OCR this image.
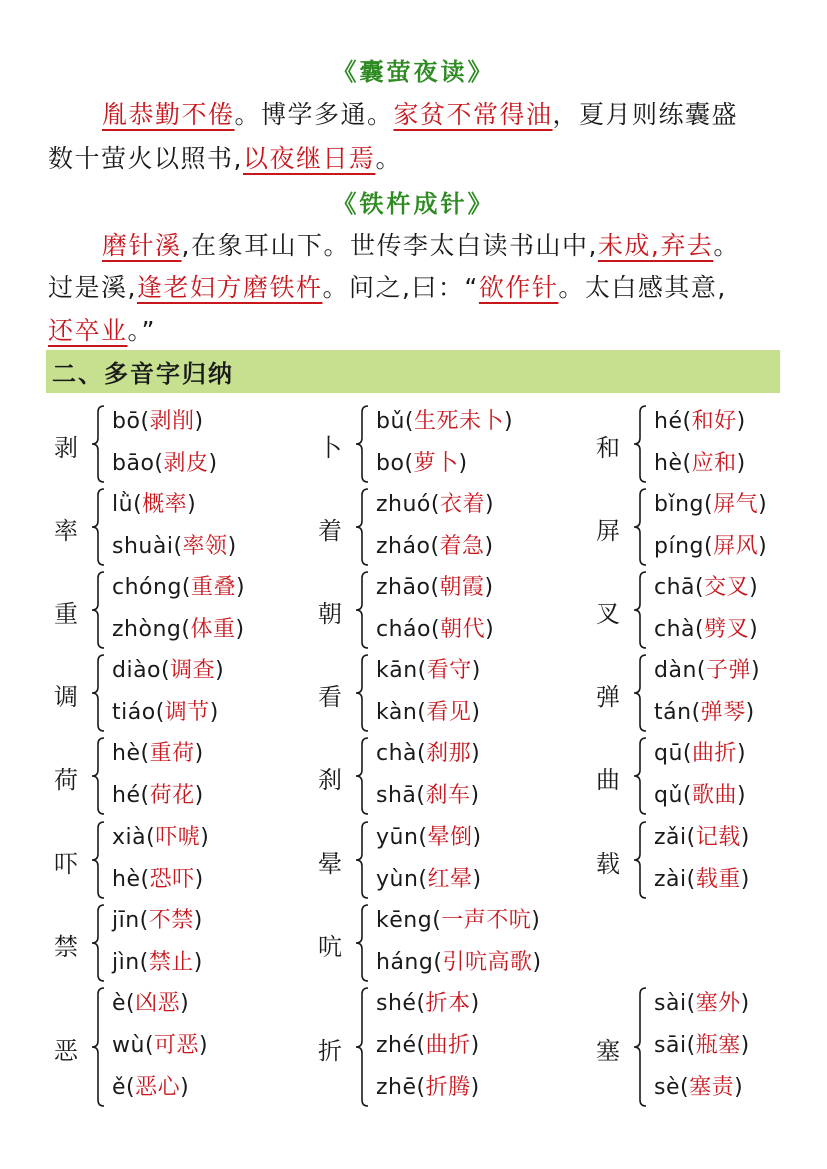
《囊萤夜读》
胤恭勤不倦。博学多通。家贫不常得油，夏月则练囊盛
数十萤火以照书,以夜继日焉。
《铁杵成针》
磨针溪,在象耳山下。世传李太白读书山中,未成,弃去。
过是溪,逢老妇方磨铁杵。问之,曰：“欲作针。太白感其意,
还卒业。”
二、多音字归纳
剥
bō(剥削)
bāo(剥皮)
卜
bǔ(生死未卜)
bo(萝卜)
和
hé(和好)
hè(应和)
率
lǜ(概率)
shuài(率领)
着
zhuó(衣着)
zháo(着急)
屏
bǐng(屏气)
píng(屏风)
重
chóng(重叠)
zhòng(体重)
朝
zhāo(朝霞)
cháo(朝代)
叉
chā(交叉)
chà(劈叉)
调
diào(调查)
tiáo(调节)
看
kān(看守)
kàn(看见)
弹
dàn(子弹)
tán(弹琴)
荷
hè(重荷)
hé(荷花)
刹
chà(刹那)
shā(刹车)
曲
qū(曲折)
qǔ(歌曲)
吓
xià(吓唬)
hè(恐吓)
晕
yūn(晕倒)
yùn(红晕)
载
zǎi(记载)
zài(载重)
禁
jīn(不禁)
jìn(禁止)
吭
kēng(一声不吭)
háng(引吭高歌)
恶
è(凶恶)
wù(可恶)
ě(恶心)
折
shé(折本)
zhé(曲折)
zhē(折腾)
塞
sài(塞外)
sāi(瓶塞)
sè(塞责)
